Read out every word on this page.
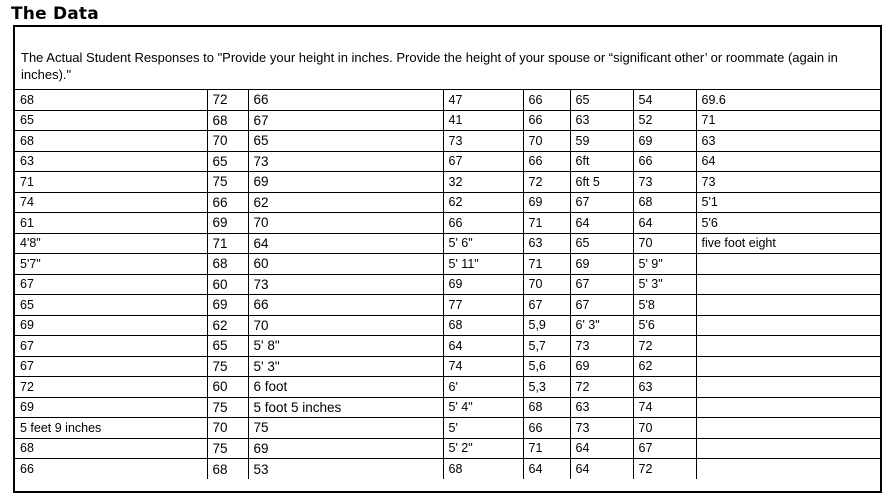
The Data
The Actual Student Responses to "Provide your height in inches. Provide the height of your spouse or “significant other’ or roommate (again in inches)."
68	72	66	47	66	65	54	69.6
65	68	67	41	66	63	52	71
68	70	65	73	70	59	69	63
63	65	73	67	66	6ft	66	64
71	75	69	32	72	6ft 5	73	73
74	66	62	62	69	67	68	5'1
61	69	70	66	71	64	64	5'6
4'8"	71	64	5' 6"	63	65	70	five foot eight
5'7"	68	60	5' 11"	71	69	5' 9"	
67	60	73	69	70	67	5' 3"	
65	69	66	77	67	67	5'8	
69	62	70	68	5,9	6' 3"	5'6	
67	65	5' 8"	64	5,7	73	72	
67	75	5' 3"	74	5,6	69	62	
72	60	6 foot	6'	5,3	72	63	
69	75	5 foot 5 inches	5' 4"	68	63	74	
5 feet 9 inches	70	75	5'	66	73	70	
68	75	69	5' 2"	71	64	67	
66	68	53	68	64	64	72	
